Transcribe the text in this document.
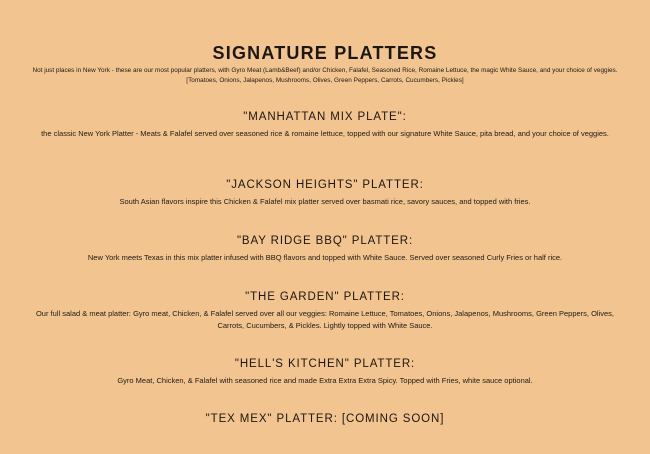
SIGNATURE PLATTERS
Not just places in New York - these are our most popular platters, with Gyro Meat (Lamb&Beef) and/or Chicken, Falafel, Seasoned Rice, Romaine Lettuce, the magic White Sauce, and your choice of veggies. [Tomatoes, Onions, Jalapenos, Mushrooms, Olives, Green Peppers, Carrots, Cucumbers, Pickles]
"MANHATTAN MIX PLATE":
the classic New York Platter - Meats & Falafel served over seasoned rice & romaine lettuce, topped with our signature White Sauce, pita bread, and your choice of veggies.
"JACKSON HEIGHTS" PLATTER:
South Asian flavors inspire this Chicken & Falafel mix platter served over basmati rice, savory sauces, and topped with fries.
"BAY RIDGE BBQ" PLATTER:
New York meets Texas in this mix platter infused with BBQ flavors and topped with White Sauce. Served over seasoned Curly Fries or half rice.
"THE GARDEN" PLATTER:
Our full salad & meat platter: Gyro meat, Chicken, & Falafel served over all our veggies: Romaine Lettuce, Tomatoes, Onions, Jalapenos, Mushrooms, Green Peppers, Olives, Carrots, Cucumbers, & Pickles. Lightly topped with White Sauce.
"HELL'S KITCHEN" PLATTER:
Gyro Meat, Chicken, & Falafel with seasoned rice and made Extra Extra Extra Spicy. Topped with Fries, white sauce optional.
"TEX MEX" PLATTER: [COMING SOON]
